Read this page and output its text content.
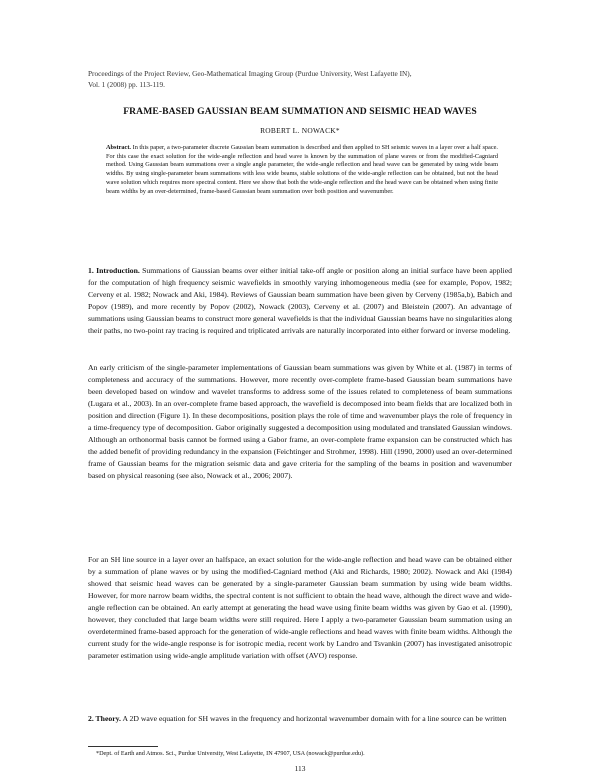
Proceedings of the Project Review, Geo-Mathematical Imaging Group (Purdue University, West Lafayette IN),
Vol. 1 (2008) pp. 113-119.
FRAME-BASED GAUSSIAN BEAM SUMMATION AND SEISMIC HEAD WAVES
ROBERT L. NOWACK*
Abstract. In this paper, a two-parameter discrete Gaussian beam summation is described and then applied to SH seismic waves in a layer over a half space. For this case the exact solution for the wide-angle reflection and head wave is known by the summation of plane waves or from the modified-Cagniard method. Using Gaussian beam summations over a single angle parameter, the wide-angle reflection and head wave can be generated by using wide beam widths. By using single-parameter beam summations with less wide beams, stable solutions of the wide-angle reflection can be obtained, but not the head wave solution which requires more spectral content. Here we show that both the wide-angle reflection and the head wave can be obtained when using finite beam widths by an over-determined, frame-based Gaussian beam summation over both position and wavenumber.
1. Introduction. Summations of Gaussian beams over either initial take-off angle or position along an initial surface have been applied for the computation of high frequency seismic wavefields in smoothly varying inhomogeneous media (see for example, Popov, 1982; Cerveny et al. 1982; Nowack and Aki, 1984). Reviews of Gaussian beam summation have been given by Cerveny (1985a,b), Babich and Popov (1989), and more recently by Popov (2002), Nowack (2003), Cerveny et al. (2007) and Bleistein (2007). An advantage of summations using Gaussian beams to construct more general wavefields is that the individual Gaussian beams have no singularities along their paths, no two-point ray tracing is required and triplicated arrivals are naturally incorporated into either forward or inverse modeling.
An early criticism of the single-parameter implementations of Gaussian beam summations was given by White et al. (1987) in terms of completeness and accuracy of the summations. However, more recently over-complete frame-based Gaussian beam summations have been developed based on window and wavelet transforms to address some of the issues related to completeness of beam summations (Lugara et al., 2003). In an over-complete frame based approach, the wavefield is decomposed into beam fields that are localized both in position and direction (Figure 1). In these decompositions, position plays the role of time and wavenumber plays the role of frequency in a time-frequency type of decomposition. Gabor originally suggested a decomposition using modulated and translated Gaussian windows. Although an orthonormal basis cannot be formed using a Gabor frame, an over-complete frame expansion can be constructed which has the added benefit of providing redundancy in the expansion (Feichtinger and Strohmer, 1998). Hill (1990, 2000) used an over-determined frame of Gaussian beams for the migration seismic data and gave criteria for the sampling of the beams in position and wavenumber based on physical reasoning (see also, Nowack et al., 2006; 2007).
For an SH line source in a layer over an halfspace, an exact solution for the wide-angle reflection and head wave can be obtained either by a summation of plane waves or by using the modified-Cagniard method (Aki and Richards, 1980; 2002). Nowack and Aki (1984) showed that seismic head waves can be generated by a single-parameter Gaussian beam summation by using wide beam widths. However, for more narrow beam widths, the spectral content is not sufficient to obtain the head wave, although the direct wave and wide-angle reflection can be obtained. An early attempt at generating the head wave using finite beam widths was given by Gao et al. (1990), however, they concluded that large beam widths were still required. Here I apply a two-parameter Gaussian beam summation using an overdetermined frame-based approach for the generation of wide-angle reflections and head waves with finite beam widths. Although the current study for the wide-angle response is for isotropic media, recent work by Landro and Tsvankin (2007) has investigated anisotropic parameter estimation using wide-angle amplitude variation with offset (AVO) response.
2. Theory. A 2D wave equation for SH waves in the frequency and horizontal wavenumber domain with for a line source can be written
*Dept. of Earth and Atmos. Sci., Purdue University, West Lafayette, IN 47907, USA (nowack@purdue.edu).
113
